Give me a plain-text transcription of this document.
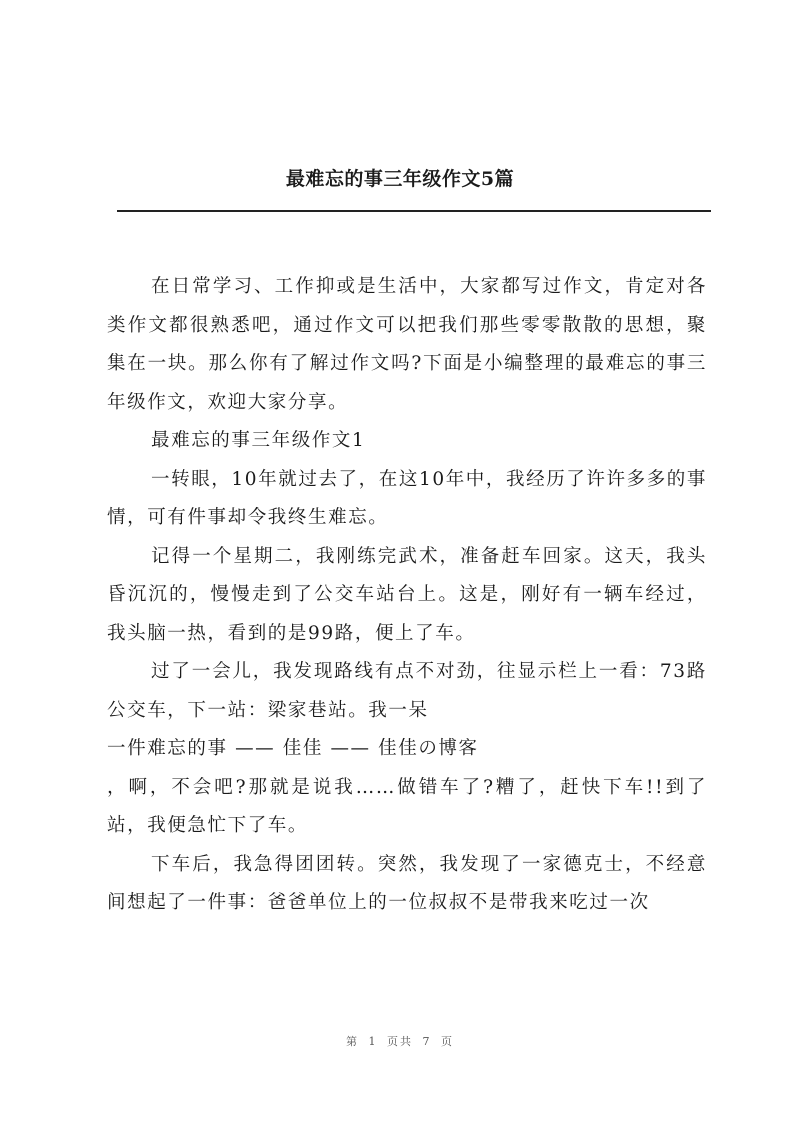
最难忘的事三年级作文5篇

在日常学习、工作抑或是生活中，大家都写过作文，肯定对各类作文都很熟悉吧，通过作文可以把我们那些零零散散的思想，聚集在一块。那么你有了解过作文吗?下面是小编整理的最难忘的事三年级作文，欢迎大家分享。

最难忘的事三年级作文1

一转眼，10年就过去了，在这10年中，我经历了许许多多的事情，可有件事却令我终生难忘。

记得一个星期二，我刚练完武术，准备赶车回家。这天，我头昏沉沉的，慢慢走到了公交车站台上。这是，刚好有一辆车经过，我头脑一热，看到的是99路，便上了车。

过了一会儿，我发现路线有点不对劲，往显示栏上一看：73路公交车，下一站：梁家巷站。我一呆

一件难忘的事 —— 佳佳 —— 佳佳の博客

，啊，不会吧?那就是说我……做错车了?糟了，赶快下车!!到了站，我便急忙下了车。

下车后，我急得团团转。突然，我发现了一家德克士，不经意间想起了一件事：爸爸单位上的一位叔叔不是带我来吃过一次

第 1 页共 7 页
